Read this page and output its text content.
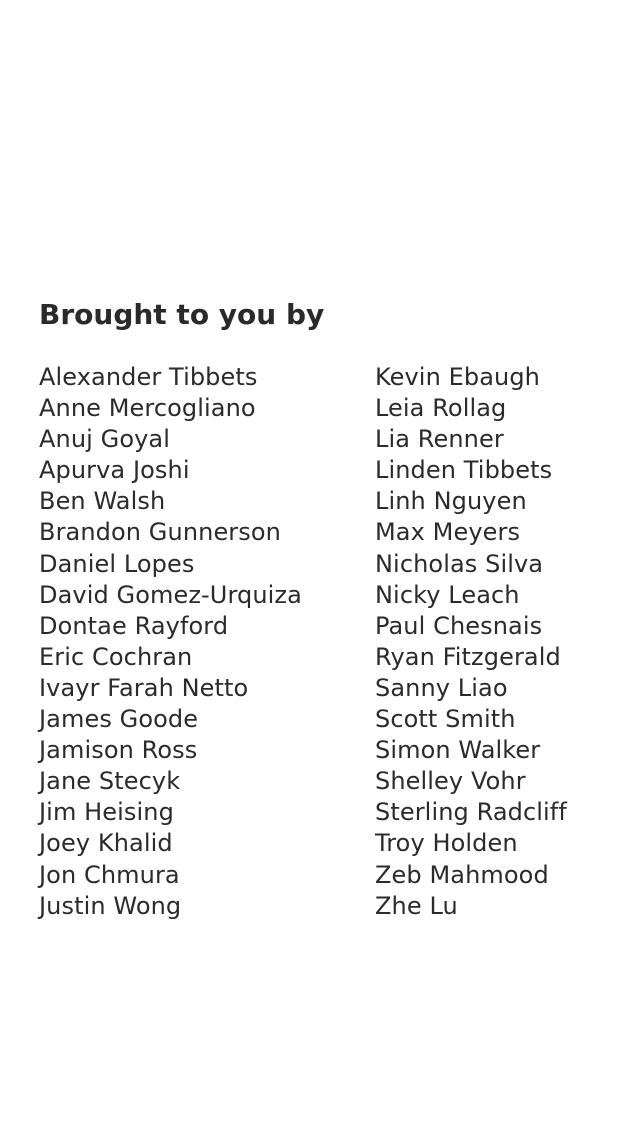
Brought to you by
Alexander Tibbets
Anne Mercogliano
Anuj Goyal
Apurva Joshi
Ben Walsh
Brandon Gunnerson
Daniel Lopes
David Gomez-Urquiza
Dontae Rayford
Eric Cochran
Ivayr Farah Netto
James Goode
Jamison Ross
Jane Stecyk
Jim Heising
Joey Khalid
Jon Chmura
Justin Wong
Kevin Ebaugh
Leia Rollag
Lia Renner
Linden Tibbets
Linh Nguyen
Max Meyers
Nicholas Silva
Nicky Leach
Paul Chesnais
Ryan Fitzgerald
Sanny Liao
Scott Smith
Simon Walker
Shelley Vohr
Sterling Radcliff
Troy Holden
Zeb Mahmood
Zhe Lu
